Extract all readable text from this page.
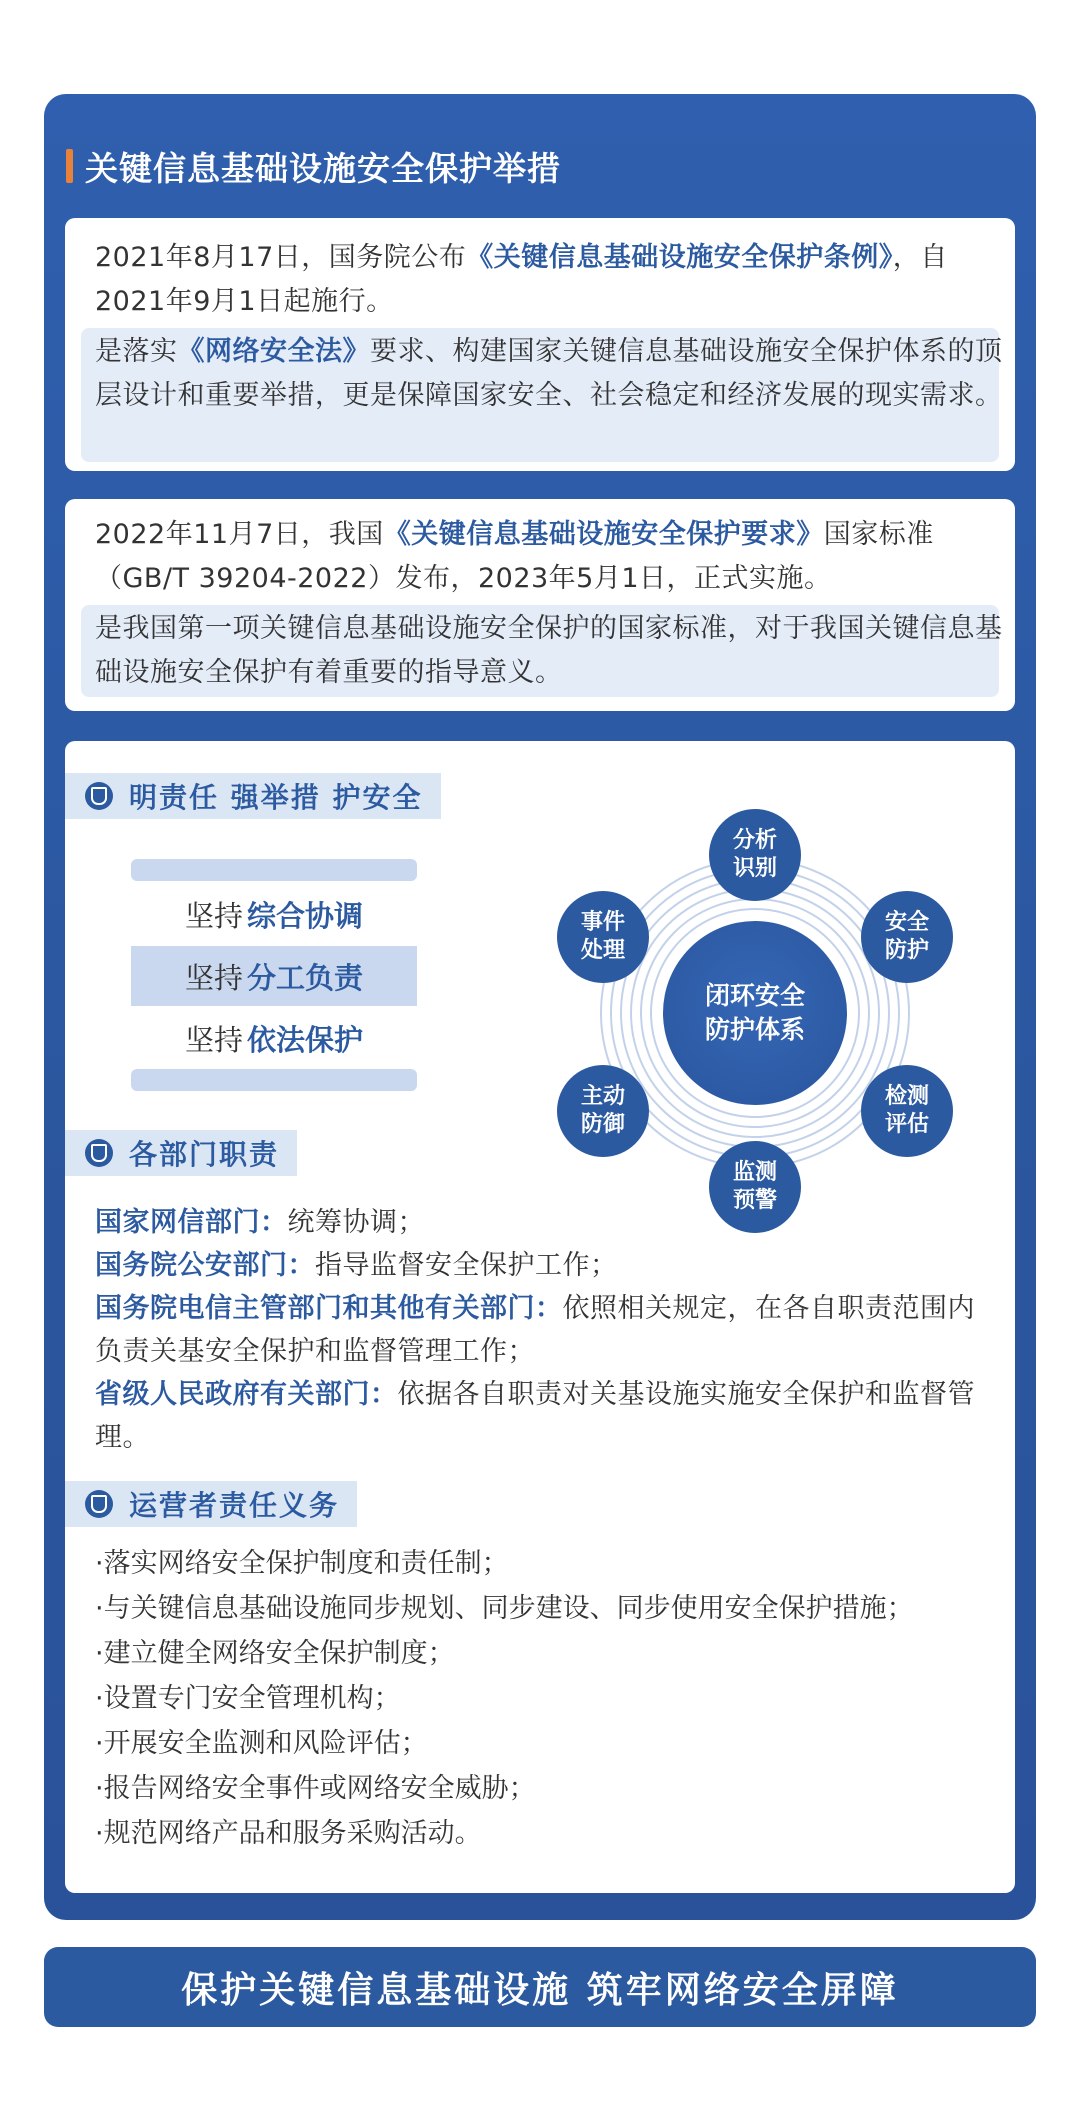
关键信息基础设施安全保护举措
2021年8月17日，国务院公布《关键信息基础设施安全保护条例》，自2021年9月1日起施行。
是落实《网络安全法》要求、构建国家关键信息基础设施安全保护体系的顶层设计和重要举措，更是保障国家安全、社会稳定和经济发展的现实需求。
2022年11月7日，我国《关键信息基础设施安全保护要求》国家标准（GB/T 39204-2022）发布，2023年5月1日，正式实施。
是我国第一项关键信息基础设施安全保护的国家标准，对于我国关键信息基础设施安全保护有着重要的指导意义。
明责任 强举措 护安全
坚持 综合协调
坚持 分工负责
坚持 依法保护
闭环安全防护体系
分析识别
安全防护
检测评估
监测预警
主动防御
事件处理
各部门职责
国家网信部门：统筹协调；
国务院公安部门：指导监督安全保护工作；
国务院电信主管部门和其他有关部门：依照相关规定，在各自职责范围内负责关基安全保护和监督管理工作；
省级人民政府有关部门：依据各自职责对关基设施实施安全保护和监督管理。
运营者责任义务
·落实网络安全保护制度和责任制；
·与关键信息基础设施同步规划、同步建设、同步使用安全保护措施；
·建立健全网络安全保护制度；
·设置专门安全管理机构；
·开展安全监测和风险评估；
·报告网络安全事件或网络安全威胁；
·规范网络产品和服务采购活动。
保护关键信息基础设施 筑牢网络安全屏障
